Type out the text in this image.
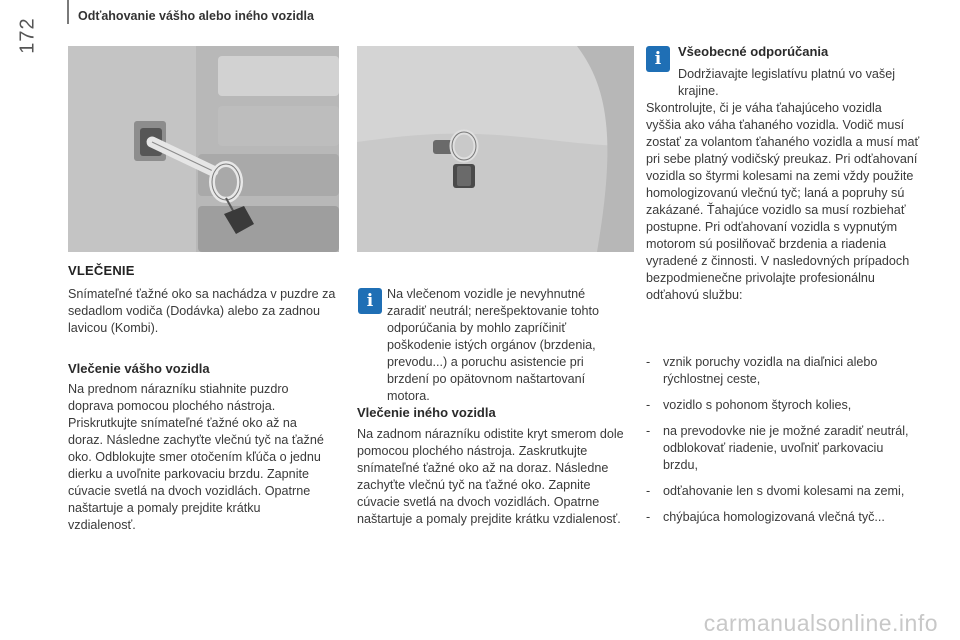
172
Odťahovanie vášho alebo iného vozidla
VLEČENIE
Snímateľné ťažné oko sa nachádza v puzdre za sedadlom vodiča (Dodávka) alebo za zadnou lavicou (Kombi).
Vlečenie vášho vozidla
Na prednom nárazníku stiahnite puzdro doprava pomocou plochého nástroja. Priskrutkujte snímateľné ťažné oko až na doraz. Následne zachyťte vlečnú tyč na ťažné oko. Odblokujte smer otočením kľúča o jednu dierku a uvoľnite parkovaciu brzdu. Zapnite cúvacie svetlá na dvoch vozidlách. Opatrne naštartuje a pomaly prejdite krátku vzdialenosť.
i	Na vlečenom vozidle je nevyhnutné zaradiť neutrál; nerešpektovanie tohto odporúčania by mohlo zapríčiniť poškodenie istých orgánov (brzdenia, prevodu...) a poruchu asistencie pri brzdení po opätovnom naštartovaní motora.
Vlečenie iného vozidla
Na zadnom nárazníku odistite kryt smerom dole pomocou plochého nástroja. Zaskrutkujte snímateľné ťažné oko až na doraz. Následne zachyťte vlečnú tyč na ťažné oko. Zapnite cúvacie svetlá na dvoch vozidlách. Opatrne naštartuje a pomaly prejdite krátku vzdialenosť.
i	Všeobecné odporúčania
Dodržiavajte legislatívu platnú vo vašej krajine.
Skontrolujte, či je váha ťahajúceho vozidla vyššia ako váha ťahaného vozidla. Vodič musí zostať za volantom ťahaného vozidla a musí mať pri sebe platný vodičský preukaz. Pri odťahovaní vozidla so štyrmi kolesami na zemi vždy použite homologizovanú vlečnú tyč; laná a popruhy sú zakázané. Ťahajúce vozidlo sa musí rozbiehať postupne. Pri odťahovaní vozidla s vypnutým motorom sú posilňovač brzdenia a riadenia vyradené z činnosti. V nasledovných prípadoch bezpodmienečne privolajte profesionálnu odťahovú službu:
- vznik poruchy vozidla na diaľnici alebo rýchlostnej ceste,
- vozidlo s pohonom štyroch kolies,
- na prevodovke nie je možné zaradiť neutrál, odblokovať riadenie, uvoľniť parkovaciu brzdu,
- odťahovanie len s dvomi kolesami na zemi,
- chýbajúca homologizovaná vlečná tyč...
carmanualsonline.info
